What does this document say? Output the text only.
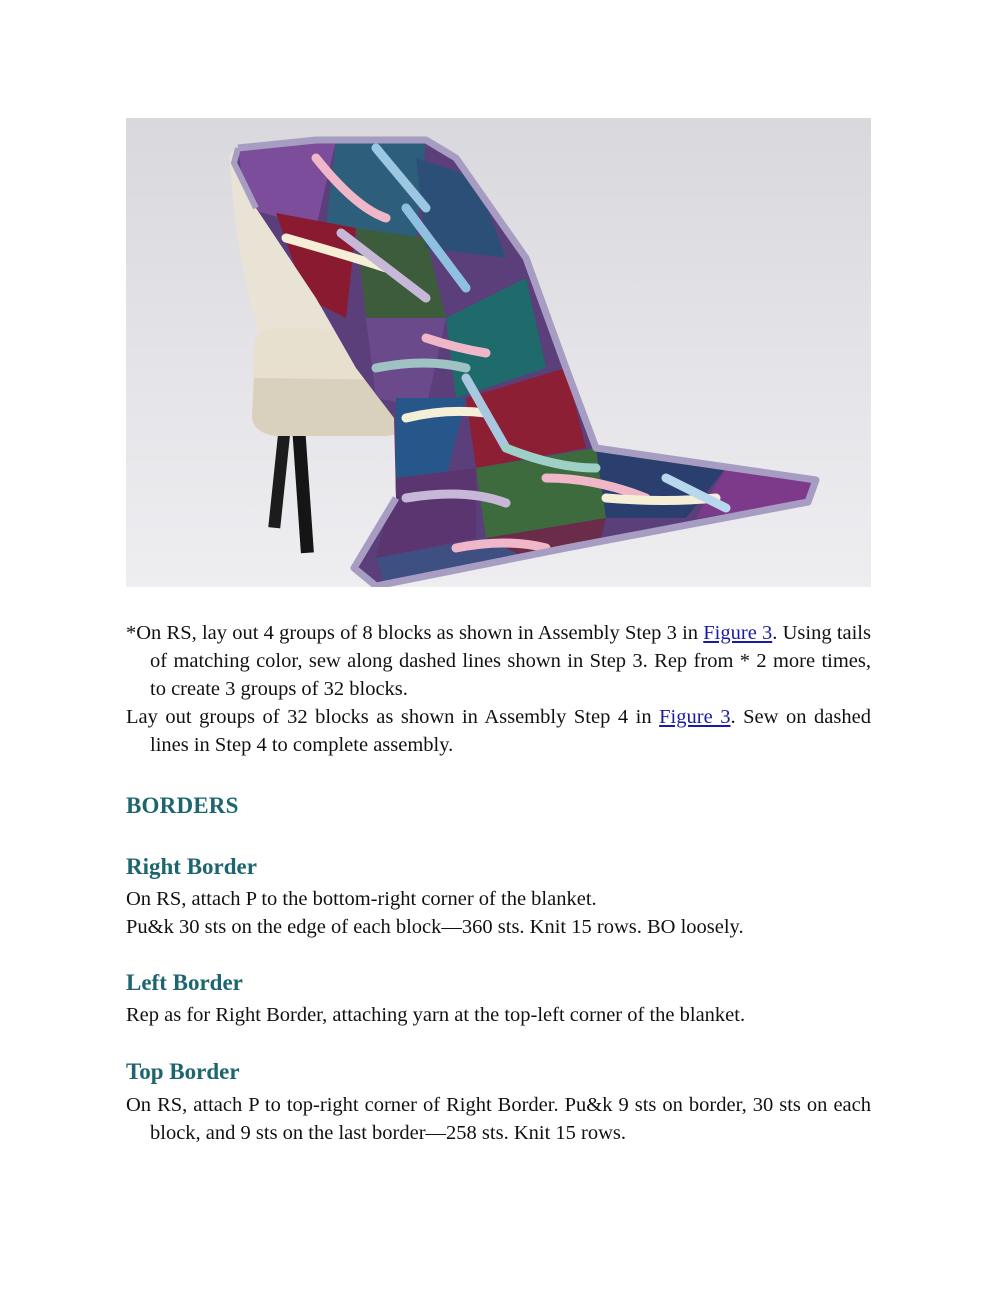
*On RS, lay out 4 groups of 8 blocks as shown in Assembly Step 3 in Figure 3. Using tails of matching color, sew along dashed lines shown in Step 3. Rep from * 2 more times, to create 3 groups of 32 blocks.

Lay out groups of 32 blocks as shown in Assembly Step 4 in Figure 3. Sew on dashed lines in Step 4 to complete assembly.

BORDERS
Right Border

On RS, attach P to the bottom-right corner of the blanket.

Pu&k 30 sts on the edge of each block—360 sts. Knit 15 rows. BO loosely.

Left Border

Rep as for Right Border, attaching yarn at the top-left corner of the blanket.

Top Border

On RS, attach P to top-right corner of Right Border. Pu&k 9 sts on border, 30 sts on each block, and 9 sts on the last border—258 sts. Knit 15 rows.
